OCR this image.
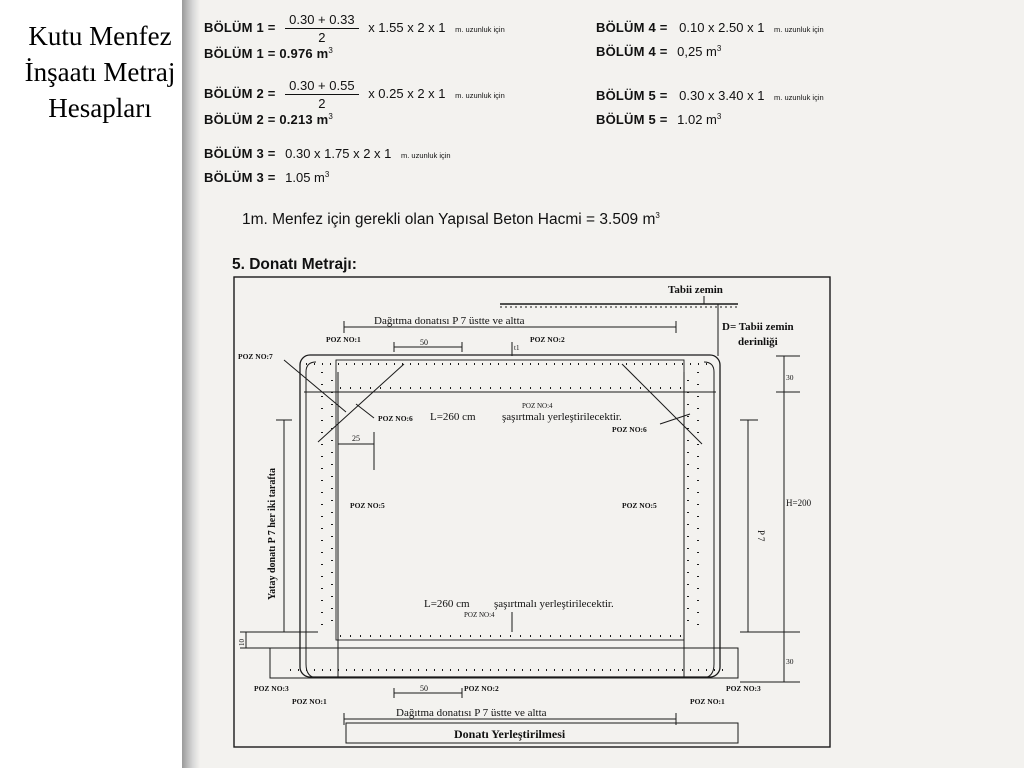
Kutu Menfez
İnşaatı Metraj
Hesapları
BÖLÜM $1 = \frac{0.30 + 0.33}{2}$ x 1.55 x 2 x 1 m. uzunluk için
BÖLÜM 1 = 0.976 $m^3$
BÖLÜM $2 = \frac{0.30 + 0.55}{2}$ x 0.25 x 2 x 1 m. uzunluk için
BÖLÜM 2 = 0.213 $m^3$
BÖLÜM 3 = 0.30 x 1.75 x 2 x 1 m. uzunluk için
BÖLÜM 3 = 1.05 $m^3$
BÖLÜM 4 = 0.10 x 2.50 x 1 m. uzunluk için
BÖLÜM 4 = 0,25 $m^3$
BÖLÜM 5 = 0.30 x 3.40 x 1 m. uzunluk için
BÖLÜM 5 = 1.02 $m^3$
1m. Menfez için gerekli olan Yapısal Beton Hacmi = 3.509 $m^3$
5. Donatı Metrajı:
Tabii zemin
D= Tabii zemin
derinliği
Dağıtma donatısı P 7 üstte ve altta
POZ NO:1	50
t1
POZ NO:2
POZ NO:7
POZ NO:4
POZ NO:6 L=260 cm şaşırtmalı yerleştirilecektir.
POZ NO:6
25
POZ NO:5	POZ NO:5
30
H=200
30
P 7
Yatay donatı P 7 her iki tarafta
10
L=260 cm şaşırtmalı yerleştirilecektir.
POZ NO:4
POZ NO:3	POZ NO:3
50	POZ NO:2
POZ NO:1	POZ NO:1
Dağıtma donatısı P 7 üstte ve altta
Donatı Yerleştirilmesi
